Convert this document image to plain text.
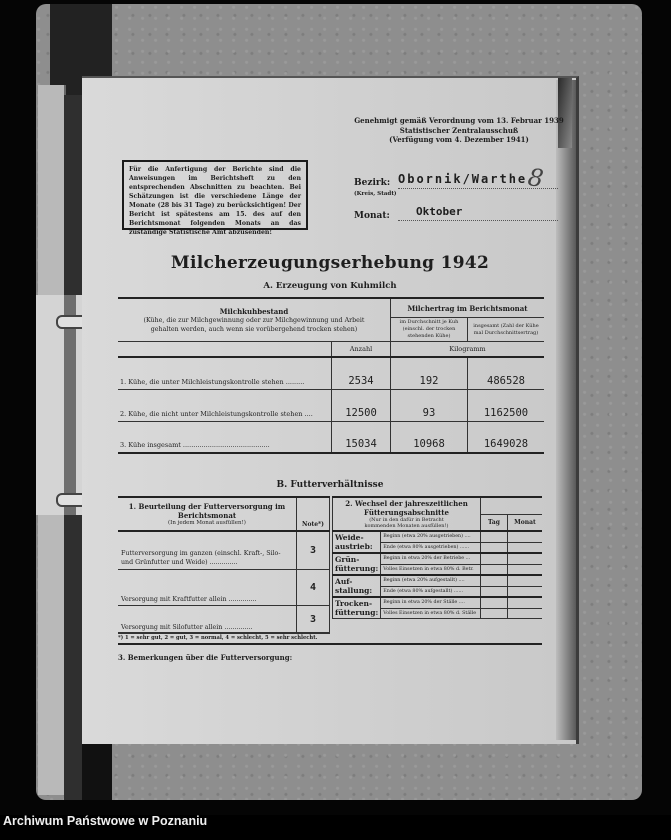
Genehmigt gemäß Verordnung vom 13. Februar 1939
Statistischer Zentralausschuß
(Verfügung vom 4. Dezember 1941)
Für die Anfertigung der Berichte sind die Anweisungen im Berichtsheft zu den entsprechenden Abschnitten zu beachten. Bei Schätzungen ist die verschiedene Länge der Monate (28 bis 31 Tage) zu berücksichtigen! Der Bericht ist spätestens am 15. des auf den Berichtsmonat folgenden Monats an das zuständige Statistische Amt abzusenden!
Bezirk:
(Kreis, Stadt)
Obornik/Warthe
8
Monat: Oktober
Milcherzeugungserhebung 1942
A. Erzeugung von Kuhmilch
Milchkuhbestand
(Kühe, die zur Milchgewinnung oder zur Milchgewinnung und Arbeit gehalten werden, auch wenn sie vorübergehend trocken stehen)		Milchertrag im Berichtsmonat	
		im Durchschnitt je Kuh (einschl. der trocken stehenden Kühe)	insgesamt (Zahl der Kühe mal Durchschnittsertrag)
	Anzahl	Kilogramm	
1. Kühe, die unter Milchleistungskontrolle stehen .........	2534	192	486528
2. Kühe, die nicht unter Milchleistungskontrolle stehen ....	12500	93	1162500
3. Kühe insgesamt ..........................................	15034	10968	1649028
B. Futterverhältnisse
1. Beurteilung der Futterversorgung im Berichtsmonat
(In jedem Monat ausfüllen!)	Note*)
Futterversorgung im ganzen (einschl. Kraft-, Silo- und Grünfutter und Weide) ..............	3
Versorgung mit Kraftfutter allein ..............	4
Versorgung mit Silofutter allein ..............	3
2. Wechsel der jahreszeitlichen Fütterungsabschnitte
(Nur in den dafür in Betracht kommenden Monaten ausfüllen!)			

		Tag	Monat
Weide-austrieb:	Beginn (etwa 20% ausgetrieben) ....		
	Ende (etwa 80% ausgetrieben) ......		
Grün-fütterung:	Beginn in etwa 20% der Betriebe ...		
	Volles Einsetzen in etwa 80% d. Betr.		
Auf-stallung:	Beginn (etwa 20% aufgestallt) ....		
	Ende (etwa 80% aufgestallt) ......		
Trocken-fütterung:	Beginn in etwa 20% der Ställe ....		
	Volles Einsetzen in etwa 80% d. Ställe		
*) 1 = sehr gut, 2 = gut, 3 = normal, 4 = schlecht, 5 = sehr schlecht.
3. Bemerkungen über die Futterversorgung:
Archiwum Państwowe w Poznaniu
